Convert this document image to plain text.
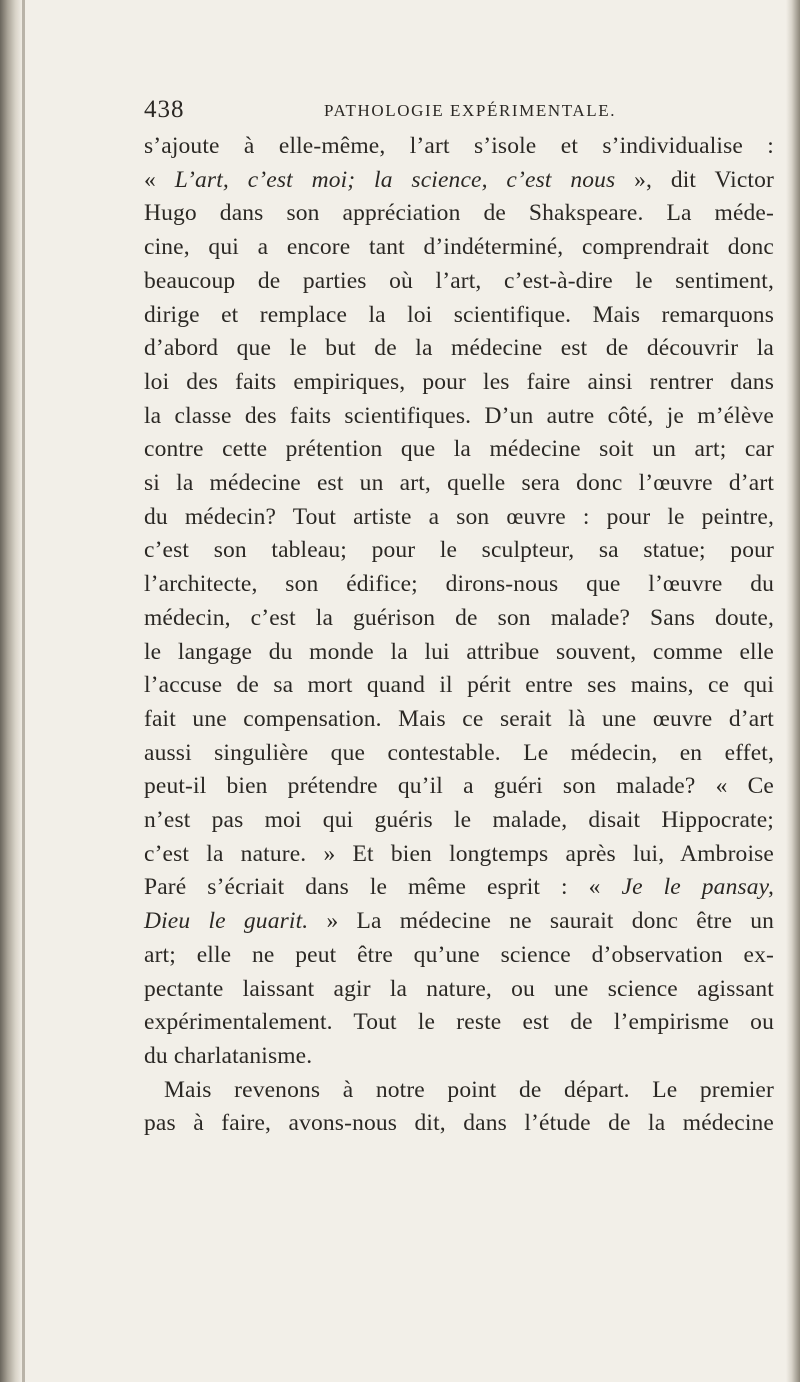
438	PATHOLOGIE EXPÉRIMENTALE.
s’ajoute à elle-même, l’art s’isole et s’individualise :
« L’art, c’est moi; la science, c’est nous », dit Victor
Hugo dans son appréciation de Shakspeare. La méde-
cine, qui a encore tant d’indéterminé, comprendrait donc
beaucoup de parties où l’art, c’est-à-dire le sentiment,
dirige et remplace la loi scientifique. Mais remarquons
d’abord que le but de la médecine est de découvrir la
loi des faits empiriques, pour les faire ainsi rentrer dans
la classe des faits scientifiques. D’un autre côté, je m’élève
contre cette prétention que la médecine soit un art; car
si la médecine est un art, quelle sera donc l’œuvre d’art
du médecin? Tout artiste a son œuvre : pour le peintre,
c’est son tableau; pour le sculpteur, sa statue; pour
l’architecte, son édifice; dirons-nous que l’œuvre du
médecin, c’est la guérison de son malade? Sans doute,
le langage du monde la lui attribue souvent, comme elle
l’accuse de sa mort quand il périt entre ses mains, ce qui
fait une compensation. Mais ce serait là une œuvre d’art
aussi singulière que contestable. Le médecin, en effet,
peut-il bien prétendre qu’il a guéri son malade? « Ce
n’est pas moi qui guéris le malade, disait Hippocrate;
c’est la nature. » Et bien longtemps après lui, Ambroise
Paré s’écriait dans le même esprit : « Je le pansay,
Dieu le guarit. » La médecine ne saurait donc être un
art; elle ne peut être qu’une science d’observation ex-
pectante laissant agir la nature, ou une science agissant
expérimentalement. Tout le reste est de l’empirisme ou
du charlatanisme.
Mais revenons à notre point de départ. Le premier
pas à faire, avons-nous dit, dans l’étude de la médecine
